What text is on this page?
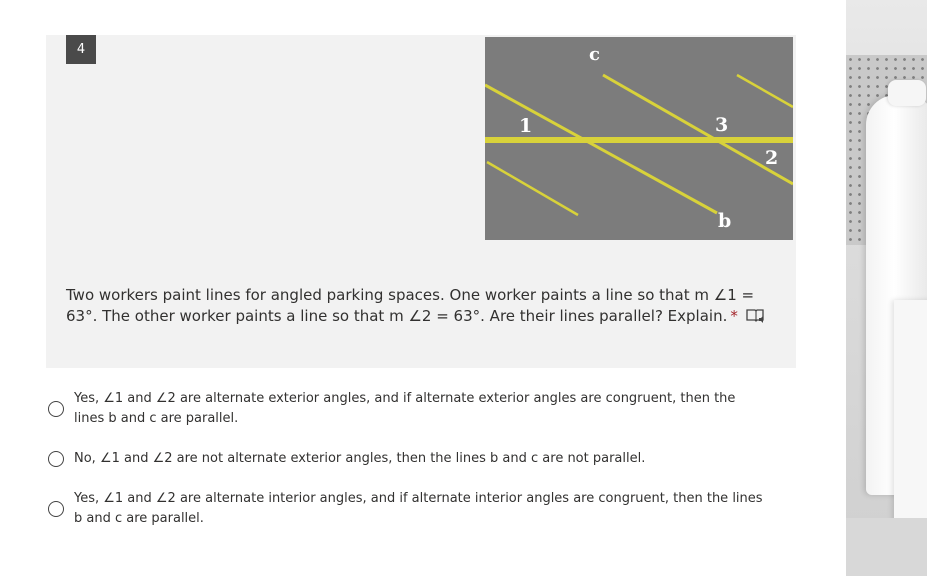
4	c
1	3
2
b
Two workers paint lines for angled parking spaces. One worker paints a line so that m ∠1 = 63°. The other worker paints a line so that m ∠2 = 63°. Are their lines parallel? Explain. *
Yes, ∠1 and ∠2 are alternate exterior angles, and if alternate exterior angles are congruent, then the lines b and c are parallel.
No, ∠1 and ∠2 are not alternate exterior angles, then the lines b and c are not parallel.
Yes, ∠1 and ∠2 are alternate interior angles, and if alternate interior angles are congruent, then the lines b and c are parallel.
